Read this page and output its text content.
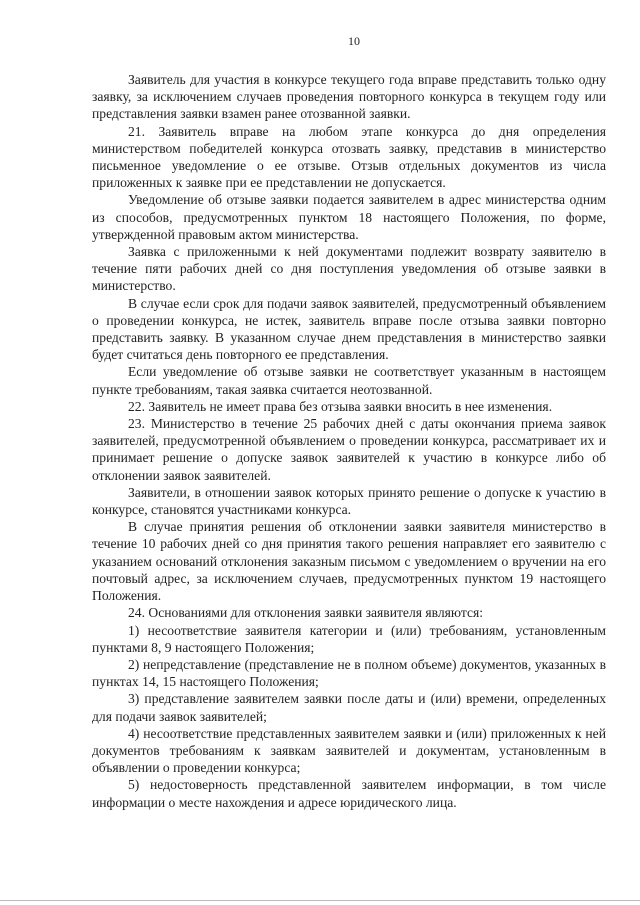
10

Заявитель для участия в конкурсе текущего года вправе представить только одну заявку, за исключением случаев проведения повторного конкурса в текущем году или представления заявки взамен ранее отозванной заявки.

21. Заявитель вправе на любом этапе конкурса до дня определения министерством победителей конкурса отозвать заявку, представив в министерство письменное уведомление о ее отзыве. Отзыв отдельных документов из числа приложенных к заявке при ее представлении не допускается.

Уведомление об отзыве заявки подается заявителем в адрес министерства одним из способов, предусмотренных пунктом 18 настоящего Положения, по форме, утвержденной правовым актом министерства.

Заявка с приложенными к ней документами подлежит возврату заявителю в течение пяти рабочих дней со дня поступления уведомления об отзыве заявки в министерство.

В случае если срок для подачи заявок заявителей, предусмотренный объявлением о проведении конкурса, не истек, заявитель вправе после отзыва заявки повторно представить заявку. В указанном случае днем представления в министерство заявки будет считаться день повторного ее представления.

Если уведомление об отзыве заявки не соответствует указанным в настоящем пункте требованиям, такая заявка считается неотозванной.

22. Заявитель не имеет права без отзыва заявки вносить в нее изменения.

23. Министерство в течение 25 рабочих дней с даты окончания приема заявок заявителей, предусмотренной объявлением о проведении конкурса, рассматривает их и принимает решение о допуске заявок заявителей к участию в конкурсе либо об отклонении заявок заявителей.

Заявители, в отношении заявок которых принято решение о допуске к участию в конкурсе, становятся участниками конкурса.

В случае принятия решения об отклонении заявки заявителя министерство в течение 10 рабочих дней со дня принятия такого решения направляет его заявителю с указанием оснований отклонения заказным письмом с уведомлением о вручении на его почтовый адрес, за исключением случаев, предусмотренных пунктом 19 настоящего Положения.

24. Основаниями для отклонения заявки заявителя являются:

1) несоответствие заявителя категории и (или) требованиям, установленным пунктами 8, 9 настоящего Положения;

2) непредставление (представление не в полном объеме) документов, указанных в пунктах 14, 15 настоящего Положения;

3) представление заявителем заявки после даты и (или) времени, определенных для подачи заявок заявителей;

4) несоответствие представленных заявителем заявки и (или) приложенных к ней документов требованиям к заявкам заявителей и документам, установленным в объявлении о проведении конкурса;

5) недостоверность представленной заявителем информации, в том числе информации о месте нахождения и адресе юридического лица.
